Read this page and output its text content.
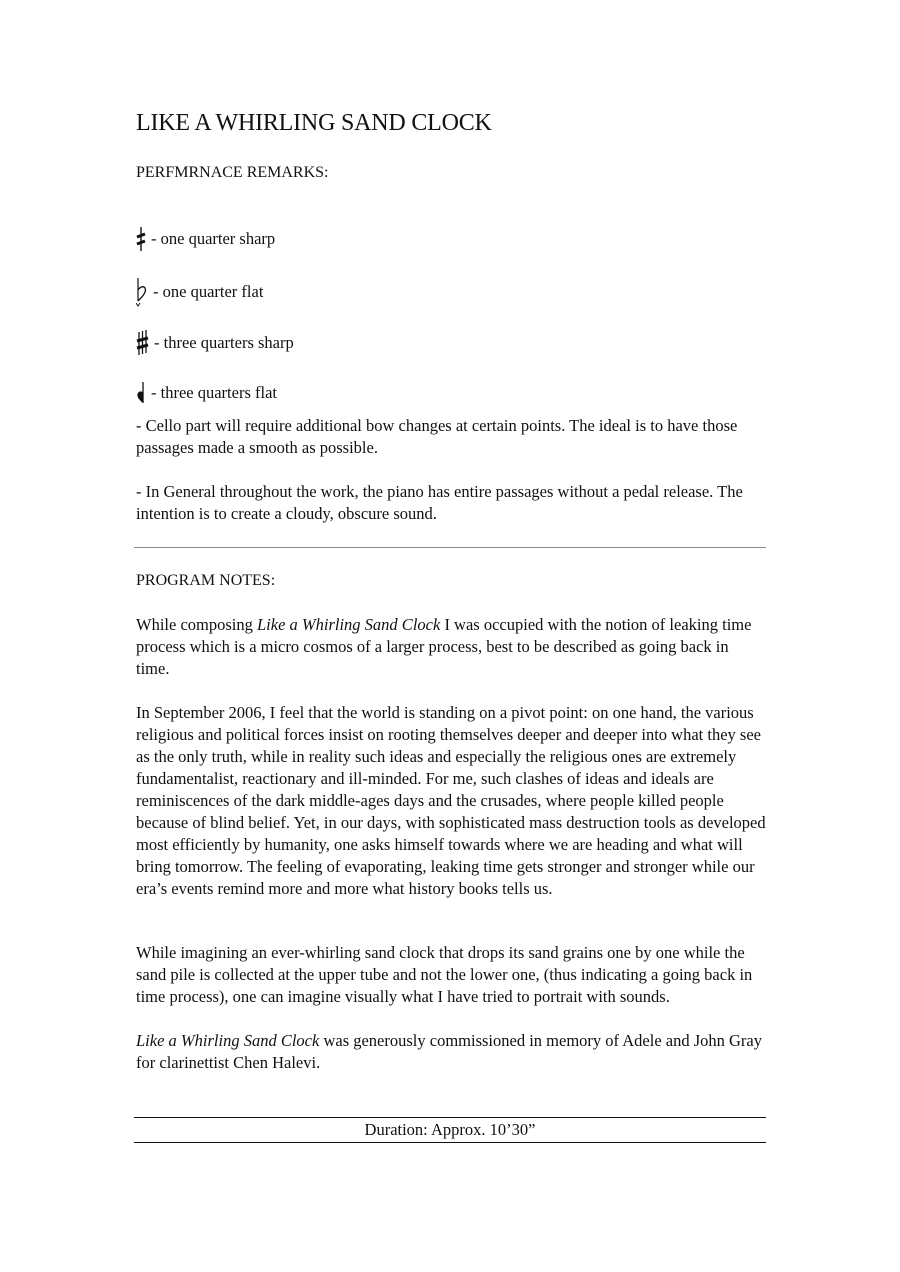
LIKE A WHIRLING SAND CLOCK
PERFMRNACE REMARKS:
- one quarter sharp
- one quarter flat
- three quarters sharp
- three quarters flat

- Cello part will require additional bow changes at certain points. The ideal is to have those passages made a smooth as possible.

- In General throughout the work, the piano has entire passages without a pedal release. The intention is to create a cloudy, obscure sound.

PROGRAM NOTES:

While composing Like a Whirling Sand Clock I was occupied with the notion of leaking time process which is a micro cosmos of a larger process, best to be described as going back in time.

In September 2006, I feel that the world is standing on a pivot point: on one hand, the various religious and political forces insist on rooting themselves deeper and deeper into what they see as the only truth, while in reality such ideas and especially the religious ones are extremely fundamentalist, reactionary and ill-minded. For me, such clashes of ideas and ideals are reminiscences of the dark middle-ages days and the crusades, where people killed people because of blind belief. Yet, in our days, with sophisticated mass destruction tools as developed most efficiently by humanity, one asks himself towards where we are heading and what will bring tomorrow. The feeling of evaporating, leaking time gets stronger and stronger while our era’s events remind more and more what history books tells us.

While imagining an ever-whirling sand clock that drops its sand grains one by one while the sand pile is collected at the upper tube and not the lower one, (thus indicating a going back in time process), one can imagine visually what I have tried to portrait with sounds.

Like a Whirling Sand Clock was generously commissioned in memory of Adele and John Gray for clarinettist Chen Halevi.

Duration: Approx. 10’30”
